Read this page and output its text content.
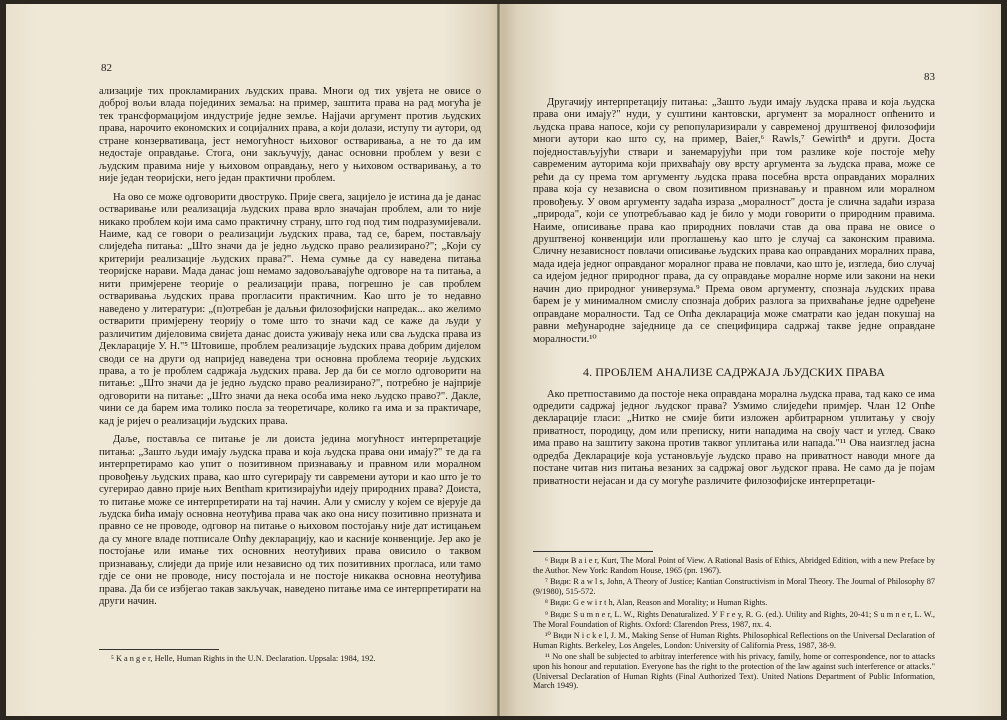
82

ализације тих прокламираних људских права. Многи од тих увјета не овисе о доброј вољи влада појединих земаља: на пример, заштита права на рад могућа је тек трансформацијом индустрије једне земље. Најјачи аргумент против људских права, нарочито економских и социјалних права, а који долази, иступу ти аутори, од стране конзервативаца, јест немогућност њиховог остваривања, а не то да им недостаје оправдање. Стога, они закључују, данас основни проблем у вези с људским правима није у њиховом оправдању, него у њиховом остваривању, а то није један теоријски, него један практични проблем.

На ово се може одговорити двоструко. Прије свега, зацијело је истина да је данас остваривање или реализација људских права врло значајан проблем, али то није никако проблем који има само практичну страну, што год под тим подразумијевали. Наиме, кад се говори о реализацији људских права, тад се, барем, постављају слиједећа питања: „Што значи да је једно људско право реализирано?"; „Који су критерији реализације људских права?". Нема сумње да су наведена питања теоријске нарави. Мада данас још немамо задовољавајуће одговоре на та питања, а нити примјерене теорије о реализацији права, погрешно је сав проблем остваривања људских права прогласити практичним. Као што је то недавно наведено у литератури: „(п)отребан је даљњи филозофијски напредак... ако желимо остварити примјерену теорију о томе што то значи кад се каже да људи у различитим дијеловима свијета данас доиста уживају нека или сва људска права из Декларације У. Н."⁵ Штовише, проблем реализације људских права добрим дијелом своди се на други од напријед наведена три основна проблема теорије људских права, а то је проблем садржаја људских права. Јер да би се могло одговорити на питање: „Што значи да је једно људско право реализирано?", потребно је најприје одговорити на питање: „Што значи да нека особа има неко људско право?". Дакле, чини се да барем има толико посла за теоретичаре, колико га има и за практичаре, кад је ријеч о реализацији људских права.

Даље, поставља се питање је ли доиста једина могућност интерпретације питања: „Зашто људи имају људска права и која људска права они имају?" те да га интерпретирамо као упит о позитивном признавању и правном или моралном провођењу људских права, као што сугерирају ти савремени аутори и као што је то сугерирао давно прије њих Bentham критизирајући идеју природних права? Доиста, то питање може се интерпретирати на тај начин. Али у смислу у којем се вјерује да људска бића имају основна неотуђива права чак ако она нису позитивно призната и правно се не проводе, одговор на питање о њиховом постојању није дат истицањем да су многе владе потписале Опћу декларацију, као и касније конвенције. Јер ако је постојање или имање тих основних неотуђивих права овисило о таквом признавању, слиједи да прије или независно од тих позитивних прогласа, или тамо гдје се они не проводе, нису постојала и не постоје никаква основна неотуђива права. Да би се избјегао такав закључак, наведено питање има се интерпретирати на други начин.

⁵ K a n g e r, Helle, Human Rights in the U.N. Declaration. Uppsala: 1984, 192.
83

Другачију интерпретацију питања: „Зашто људи имају људска права и која људска права они имају?" нуди, у суштини кантовски, аргумент за моралност опћенито и људска права напосе, који су репопуларизирали у савременој друштвеној филозофији многи аутори као што су, на пример, Baier,⁶ Rawls,⁷ Gewirth⁸ и други. Доста поједностављујући ствари и занемарујући при том разлике које постоје међу савременим ауторима који прихваћају ову врсту аргумента за људска права, може се рећи да су према том аргументу људска права посебна врста оправданих моралних права која су независна о свом позитивном признавању и правном или моралном провођењу. У овом аргументу задаћа израза „моралност" доста је слична задаћи израза „природа", који се употребљавао кад је било у моди говорити о природним правима. Наиме, описивање права као природних повлачи став да ова права не овисе о друштвеној конвенцији или проглашењу као што је случај са законским правима. Сличну независност повлачи описивање људских права као оправданих моралних права, мада идеја једног оправданог моралног права не повлачи, као што је, изгледа, био случај са идејом једног природног права, да су оправдање моралне норме или закони на неки начин дио природног универзума.⁹ Према овом аргументу, спознаја људских права барем је у минималном смислу спознаја добрих разлога за прихваћање једне одређене оправдане моралности. Тад се Опћа декларација може сматрати као један покушај на равни међународне заједнице да се специфицира садржај такве једне оправдане моралности.¹⁰

4. ПРОБЛЕМ АНАЛИЗЕ САДРЖАЈА ЉУДСКИХ ПРАВА

Ако претпоставимо да постоје нека оправдана морална људска права, тад како се има одредити садржај једног људског права? Узмимо слиједећи примјер. Члан 12 Опће декларације гласи: „Нитко не смије бити изложен арбитрарном уплитању у своју приватност, породицу, дом или преписку, нити нападима на своју част и углед. Свако има право на заштиту закона против таквог уплитања или напада."¹¹ Ова наизглед јасна одредба Декларације која установљује људско право на приватност наводи многе да постане читав низ питања везаних за садржај овог људског права. Не само да је појам приватности нејасан и да су могуће различите филозофијске интерпретаци-

⁶ Види B a i e r, Kurt, The Moral Point of View. A Rational Basis of Ethics, Abridged Edition, with a new Preface by the Author. New York: Random House, 1965 (рп. 1967).
⁷ Види: R a w l s, John, A Theory of Justice; Kantian Constructivism in Moral Theory. The Journal of Philosophy 87 (9/1980), 515-572.
⁸ Види: G e w i r t h, Alan, Reason and Morality; и Human Rights.
⁹ Види: S u m n e r, L. W., Rights Denaturalized. У F r e y, R. G. (ed.). Utility and Rights, 20-41; S u m n e r, L. W., The Moral Foundation of Rights. Oxford: Clarendon Press, 1987, пх. 4.
¹⁰ Види N i c k e l, J. M., Making Sense of Human Rights. Philosophical Reflections on the Universal Declaration of Human Rights. Berkeley, Los Angeles, London: University of California Press, 1987, 38-9.
¹¹ No one shall be subjected to arbitray interference with his privacy, family, home or correspondence, nor to attacks upon his honour and reputation. Everyone has the right to the protection of the law against such interference or attacks." (Universal Declaration of Human Rights (Final Authorized Text). United Nations Department of Public Information, March 1949).
